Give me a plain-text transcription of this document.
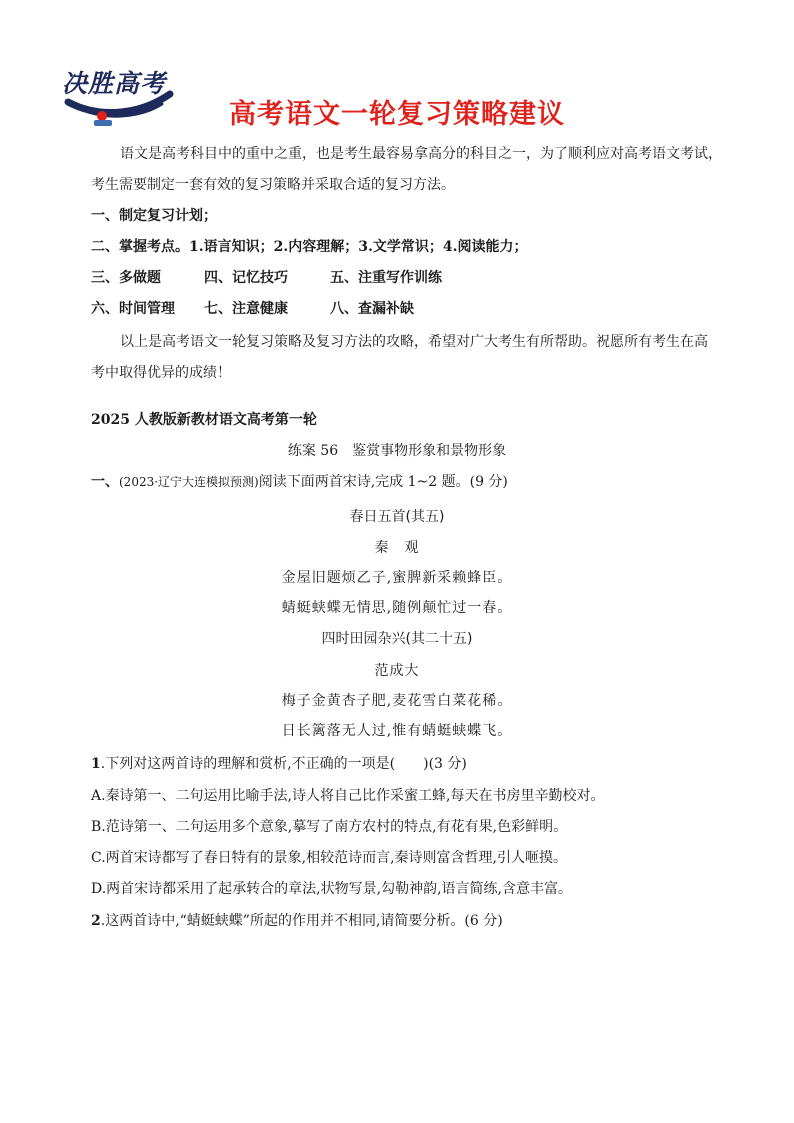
决胜高考
高考语文一轮复习策略建议
语文是高考科目中的重中之重，也是考生最容易拿高分的科目之一，为了顺利应对高考语文考试，
考生需要制定一套有效的复习策略并采取合适的复习方法。
一、制定复习计划；
二、掌握考点。1.语言知识；2.内容理解；3.文学常识；4.阅读能力；
三、多做题	四、记忆技巧	五、注重写作训练
六、时间管理 七、注意健康	八、查漏补缺
以上是高考语文一轮复习策略及复习方法的攻略，希望对广大考生有所帮助。祝愿所有考生在高
考中取得优异的成绩！
2025 人教版新教材语文高考第一轮
练案 56　鉴赏事物形象和景物形象
一、(2023·辽宁大连模拟预测)阅读下面两首宋诗,完成 1~2 题。(9 分)
春日五首(其五)
秦　观
金屋旧题烦乙子,蜜脾新采赖蜂臣。
蜻蜓蛱蝶无情思,随例颠忙过一春。
四时田园杂兴(其二十五)
范成大
梅子金黄杏子肥,麦花雪白菜花稀。
日长篱落无人过,惟有蜻蜓蛱蝶飞。
1.下列对这两首诗的理解和赏析,不正确的一项是(　　)(3 分)
A.秦诗第一、二句运用比喻手法,诗人将自己比作采蜜工蜂,每天在书房里辛勤校对。
B.范诗第一、二句运用多个意象,摹写了南方农村的特点,有花有果,色彩鲜明。
C.两首宋诗都写了春日特有的景象,相较范诗而言,秦诗则富含哲理,引人咂摸。
D.两首宋诗都采用了起承转合的章法,状物写景,勾勒神韵,语言简练,含意丰富。
2.这两首诗中,“蜻蜓蛱蝶”所起的作用并不相同,请简要分析。(6 分)
